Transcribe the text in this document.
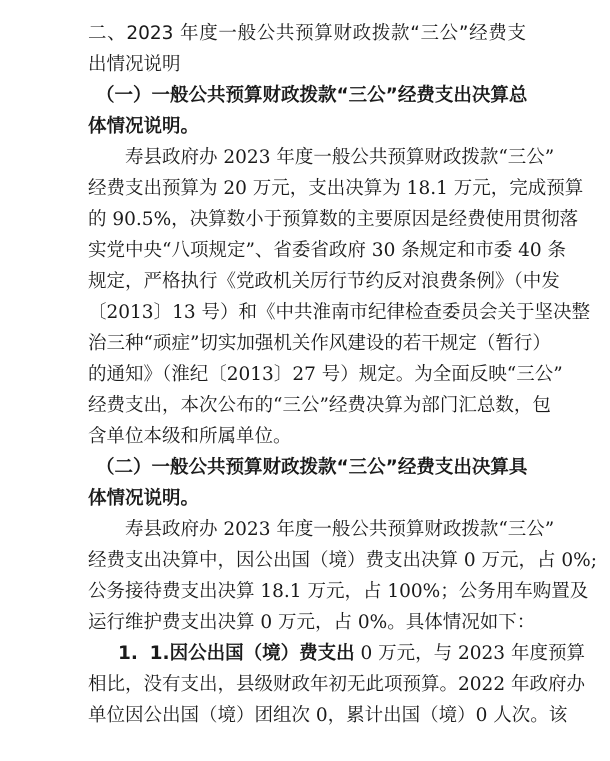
二、2023 年度一般公共预算财政拨款“三公”经费支
出情况说明
（一）一般公共预算财政拨款“三公”经费支出决算总
体情况说明。
寿县政府办 2023 年度一般公共预算财政拨款“三公”
经费支出预算为 20 万元，支出决算为 18.1 万元，完成预算
的 90.5%，决算数小于预算数的主要原因是经费使用贯彻落
实党中央“八项规定”、省委省政府 30 条规定和市委 40 条
规定，严格执行《党政机关厉行节约反对浪费条例》（中发
〔2013〕13 号）和《中共淮南市纪律检查委员会关于坚决整
治三种“顽症”切实加强机关作风建设的若干规定（暂行）
的通知》（淮纪〔2013〕27 号）规定。为全面反映“三公”
经费支出，本次公布的“三公”经费决算为部门汇总数，包
含单位本级和所属单位。
（二）一般公共预算财政拨款“三公”经费支出决算具
体情况说明。
寿县政府办 2023 年度一般公共预算财政拨款“三公”
经费支出决算中，因公出国（境）费支出决算 0 万元，占 0%;
公务接待费支出决算 18.1 万元，占 100%；公务用车购置及
运行维护费支出决算 0 万元，占 0%。具体情况如下：
1. 1.因公出国（境）费支出 0 万元，与 2023 年度预算
相比，没有支出，县级财政年初无此项预算。2022 年政府办
单位因公出国（境）团组次 0，累计出国（境）0 人次。该
